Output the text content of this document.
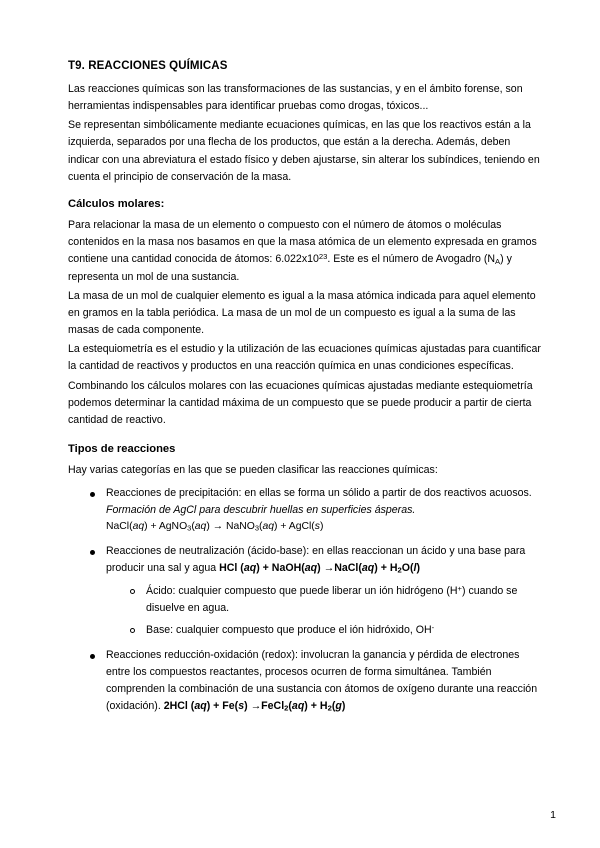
T9. REACCIONES QUÍMICAS

Las reacciones químicas son las transformaciones de las sustancias, y en el ámbito forense, son herramientas indispensables para identificar pruebas como drogas, tóxicos...

Se representan simbólicamente mediante ecuaciones químicas, en las que los reactivos están a la izquierda, separados por una flecha de los productos, que están a la derecha. Además, deben indicar con una abreviatura el estado físico y deben ajustarse, sin alterar los subíndices, teniendo en cuenta el principio de conservación de la masa.

Cálculos molares:

Para relacionar la masa de un elemento o compuesto con el número de átomos o moléculas contenidos en la masa nos basamos en que la masa atómica de un elemento expresada en gramos contiene una cantidad conocida de átomos: $6.022x10^{23}$. Este es el número de Avogadro $(N_A)$ y representa un mol de una sustancia.

La masa de un mol de cualquier elemento es igual a la masa atómica indicada para aquel elemento en gramos en la tabla periódica. La masa de un mol de un compuesto es igual a la suma de las masas de cada componente.

La estequiometría es el estudio y la utilización de las ecuaciones químicas ajustadas para cuantificar la cantidad de reactivos y productos en una reacción química en unas condiciones específicas.

Combinando los cálculos molares con las ecuaciones químicas ajustadas mediante estequiometría podemos determinar la cantidad máxima de un compuesto que se puede producir a partir de cierta cantidad de reactivo.

Tipos de reacciones

Hay varias categorías en las que se pueden clasificar las reacciones químicas:

Reacciones de precipitación: en ellas se forma un sólido a partir de dos reactivos acuosos. Formación de AgCl para descubrir huellas en superficies ásperas.
NaCl(aq) + AgNO$_3$(aq) → NaNO$_3$(aq) + AgCl(s)
Reacciones de neutralización (ácido-base): en ellas reaccionan un ácido y una base para producir una sal y agua HCl (aq) + NaOH(aq) →NaCl(aq) + $H_2O(l)$
Ácido: cualquier compuesto que puede liberar un ión hidrógeno (H+) cuando se disuelve en agua.
Base: cualquier compuesto que produce el ión hidróxido, OH-
Reacciones reducción-oxidación (redox): involucran la ganancia y pérdida de electrones entre los compuestos reactantes, procesos ocurren de forma simultánea. También comprenden la combinación de una sustancia con átomos de oxígeno durante una reacción (oxidación). 2HCl (aq) + Fe(s) →FeCl$_2$(aq) + $H_2(g)$
1
